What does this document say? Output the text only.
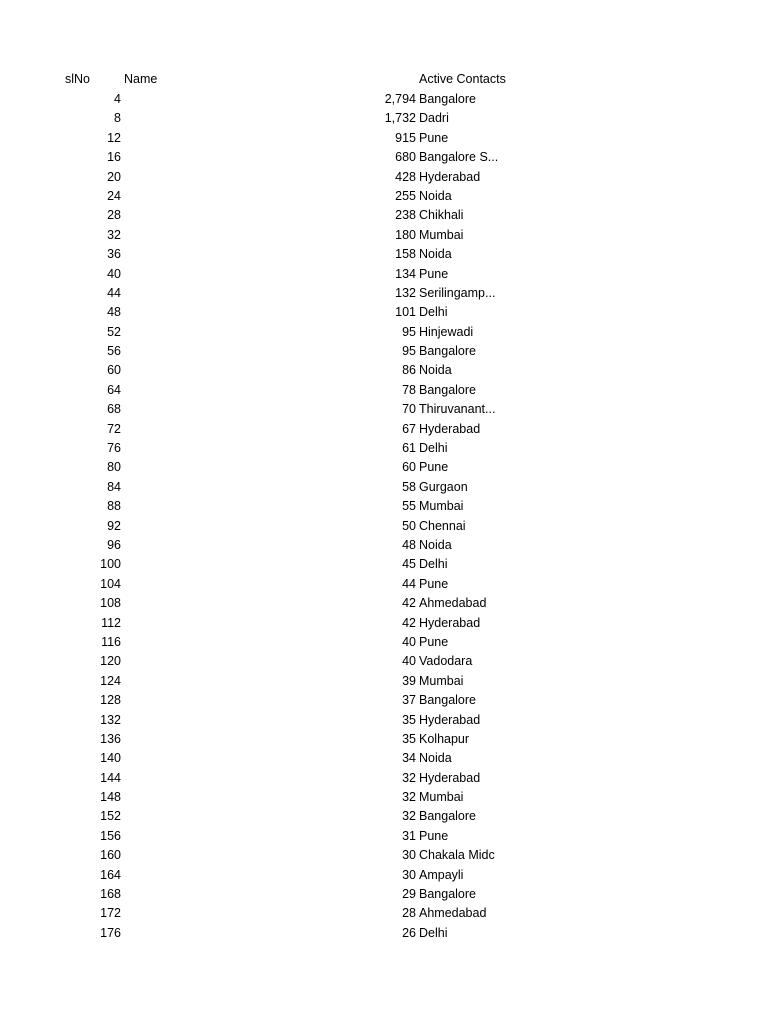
slNo	Name	Active Contacts
4	2,794 Bangalore
8	1,732 Dadri
12	915 Pune
16	680 Bangalore S...
20	428 Hyderabad
24	255 Noida
28	238 Chikhali
32	180 Mumbai
36	158 Noida
40	134 Pune
44	132 Serilingamp...
48	101 Delhi
52	95 Hinjewadi
56	95 Bangalore
60	86 Noida
64	78 Bangalore
68	70 Thiruvanant...
72	67 Hyderabad
76	61 Delhi
80	60 Pune
84	58 Gurgaon
88	55 Mumbai
92	50 Chennai
96	48 Noida
100	45 Delhi
104	44 Pune
108	42 Ahmedabad
112	42 Hyderabad
116	40 Pune
120	40 Vadodara
124	39 Mumbai
128	37 Bangalore
132	35 Hyderabad
136	35 Kolhapur
140	34 Noida
144	32 Hyderabad
148	32 Mumbai
152	32 Bangalore
156	31 Pune
160	30 Chakala Midc
164	30 Ampayli
168	29 Bangalore
172	28 Ahmedabad
176	26 Delhi
